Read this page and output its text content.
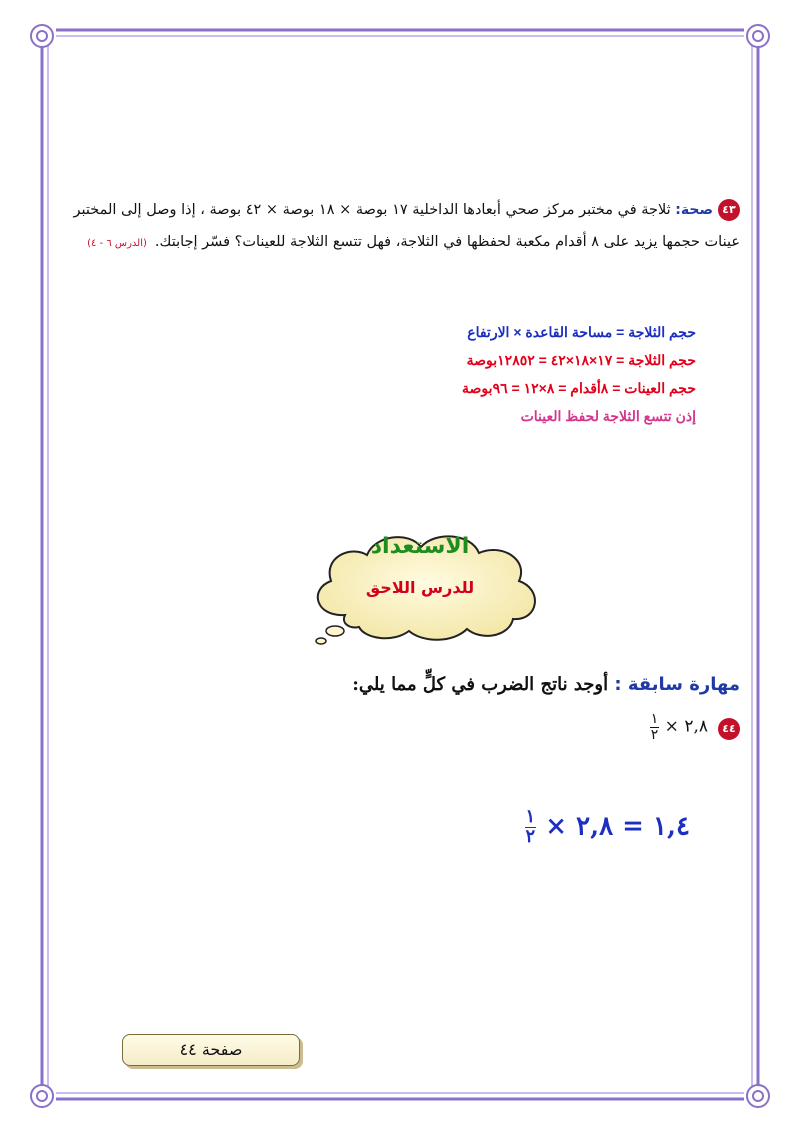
٤٣صحة: ثلاجة في مختبر مركز صحي أبعادها الداخلية ١٧ بوصة × ١٨ بوصة × ٤٢ بوصة ، إذا وصل إلى المختبر
عينات حجمها يزيد على ٨ أقدام مكعبة لحفظها في الثلاجة، فهل تتسع الثلاجة للعينات؟ فسّر إجابتك.(الدرس ٦ - ٤)
حجم الثلاجة = مساحة القاعدة × الارتفاع
حجم الثلاجة = ١٧×١٨×٤٢ = ١٢٨٥٢بوصة
حجم العينات = ٨أقدام = ٨×١٢ = ٩٦بوصة
إذن تتسع الثلاجة لحفظ العينات
الاستعداد
للدرس اللاحق
مهارة سابقة : أوجد ناتج الضرب في كلٍّ مما يلي:
٤٤
٢,٨ ×
$\frac{١}{٢}$
١,٤ = ٢,٨ ×
$\frac{١}{٢}$
صفحة ٤٤
